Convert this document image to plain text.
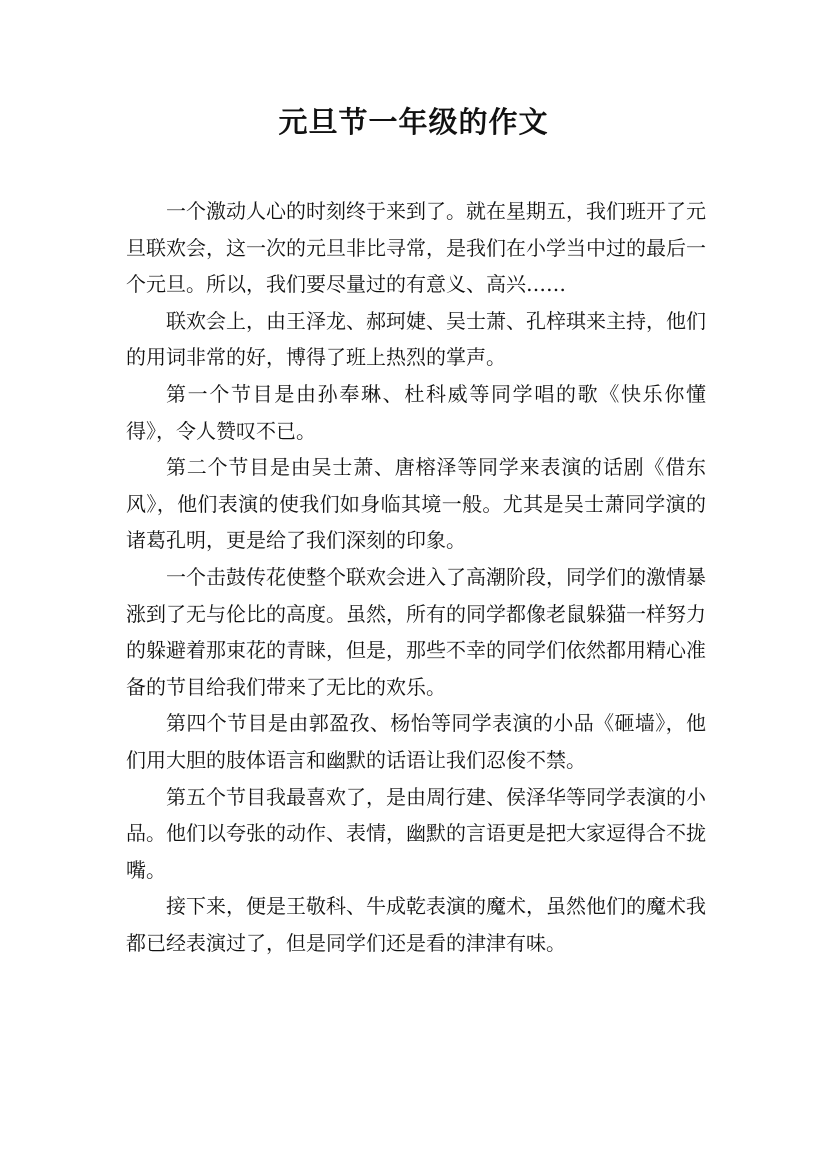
元旦节一年级的作文

一个激动人心的时刻终于来到了。就在星期五，我们班开了元旦联欢会，这一次的元旦非比寻常，是我们在小学当中过的最后一个元旦。所以，我们要尽量过的有意义、高兴……

联欢会上，由王泽龙、郝珂婕、吴士萧、孔梓琪来主持，他们的用词非常的好，博得了班上热烈的掌声。

第一个节目是由孙奉琳、杜科威等同学唱的歌《快乐你懂得》，令人赞叹不已。

第二个节目是由吴士萧、唐榕泽等同学来表演的话剧《借东风》，他们表演的使我们如身临其境一般。尤其是吴士萧同学演的诸葛孔明，更是给了我们深刻的印象。

一个击鼓传花使整个联欢会进入了高潮阶段，同学们的激情暴涨到了无与伦比的高度。虽然，所有的同学都像老鼠躲猫一样努力的躲避着那束花的青睐，但是，那些不幸的同学们依然都用精心准备的节目给我们带来了无比的欢乐。

第四个节目是由郭盈孜、杨怡等同学表演的小品《砸墙》，他们用大胆的肢体语言和幽默的话语让我们忍俊不禁。

第五个节目我最喜欢了，是由周行建、侯泽华等同学表演的小品。他们以夸张的动作、表情，幽默的言语更是把大家逗得合不拢嘴。

接下来，便是王敬科、牛成乾表演的魔术，虽然他们的魔术我都已经表演过了，但是同学们还是看的津津有味。
